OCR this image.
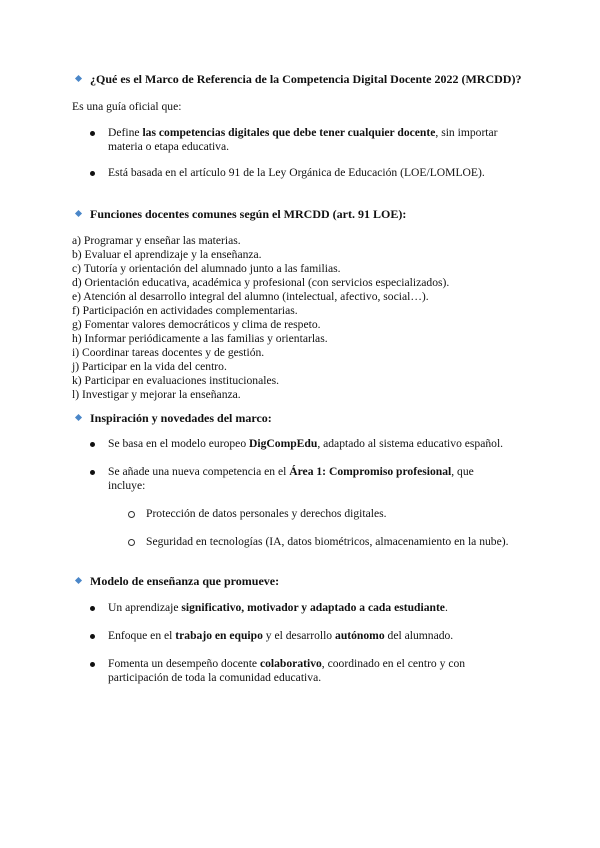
¿Qué es el Marco de Referencia de la Competencia Digital Docente 2022 (MRCDD)?
Es una guía oficial que:
Define las competencias digitales que debe tener cualquier docente, sin importar materia o etapa educativa.
Está basada en el artículo 91 de la Ley Orgánica de Educación (LOE/LOMLOE).
Funciones docentes comunes según el MRCDD (art. 91 LOE):
a) Programar y enseñar las materias.
b) Evaluar el aprendizaje y la enseñanza.
c) Tutoría y orientación del alumnado junto a las familias.
d) Orientación educativa, académica y profesional (con servicios especializados).
e) Atención al desarrollo integral del alumno (intelectual, afectivo, social…).
f) Participación en actividades complementarias.
g) Fomentar valores democráticos y clima de respeto.
h) Informar periódicamente a las familias y orientarlas.
i) Coordinar tareas docentes y de gestión.
j) Participar en la vida del centro.
k) Participar en evaluaciones institucionales.
l) Investigar y mejorar la enseñanza.
Inspiración y novedades del marco:
Se basa en el modelo europeo DigCompEdu, adaptado al sistema educativo español.
Se añade una nueva competencia en el Área 1: Compromiso profesional, que incluye:
Protección de datos personales y derechos digitales.
Seguridad en tecnologías (IA, datos biométricos, almacenamiento en la nube).
Modelo de enseñanza que promueve:
Un aprendizaje significativo, motivador y adaptado a cada estudiante.
Enfoque en el trabajo en equipo y el desarrollo autónomo del alumnado.
Fomenta un desempeño docente colaborativo, coordinado en el centro y con participación de toda la comunidad educativa.
